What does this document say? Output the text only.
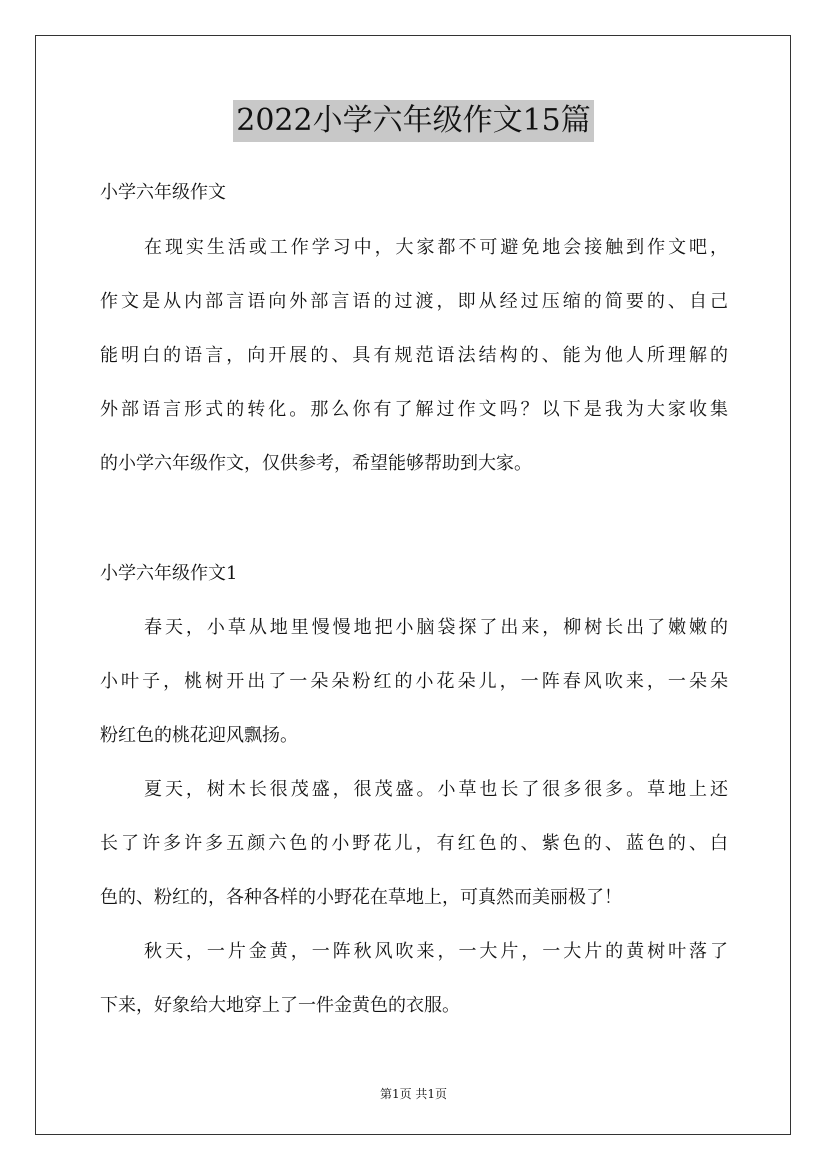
2022小学六年级作文15篇
小学六年级作文
在现实生活或工作学习中，大家都不可避免地会接触到作文吧，
作文是从内部言语向外部言语的过渡，即从经过压缩的简要的、自己
能明白的语言，向开展的、具有规范语法结构的、能为他人所理解的
外部语言形式的转化。那么你有了解过作文吗？以下是我为大家收集
的小学六年级作文，仅供参考，希望能够帮助到大家。
小学六年级作文1
春天，小草从地里慢慢地把小脑袋探了出来，柳树长出了嫩嫩的
小叶子，桃树开出了一朵朵粉红的小花朵儿，一阵春风吹来，一朵朵
粉红色的桃花迎风飘扬。
夏天，树木长很茂盛，很茂盛。小草也长了很多很多。草地上还
长了许多许多五颜六色的小野花儿，有红色的、紫色的、蓝色的、白
色的、粉红的，各种各样的小野花在草地上，可真然而美丽极了！
秋天，一片金黄，一阵秋风吹来，一大片，一大片的黄树叶落了
下来，好象给大地穿上了一件金黄色的衣服。
第1页 共1页
